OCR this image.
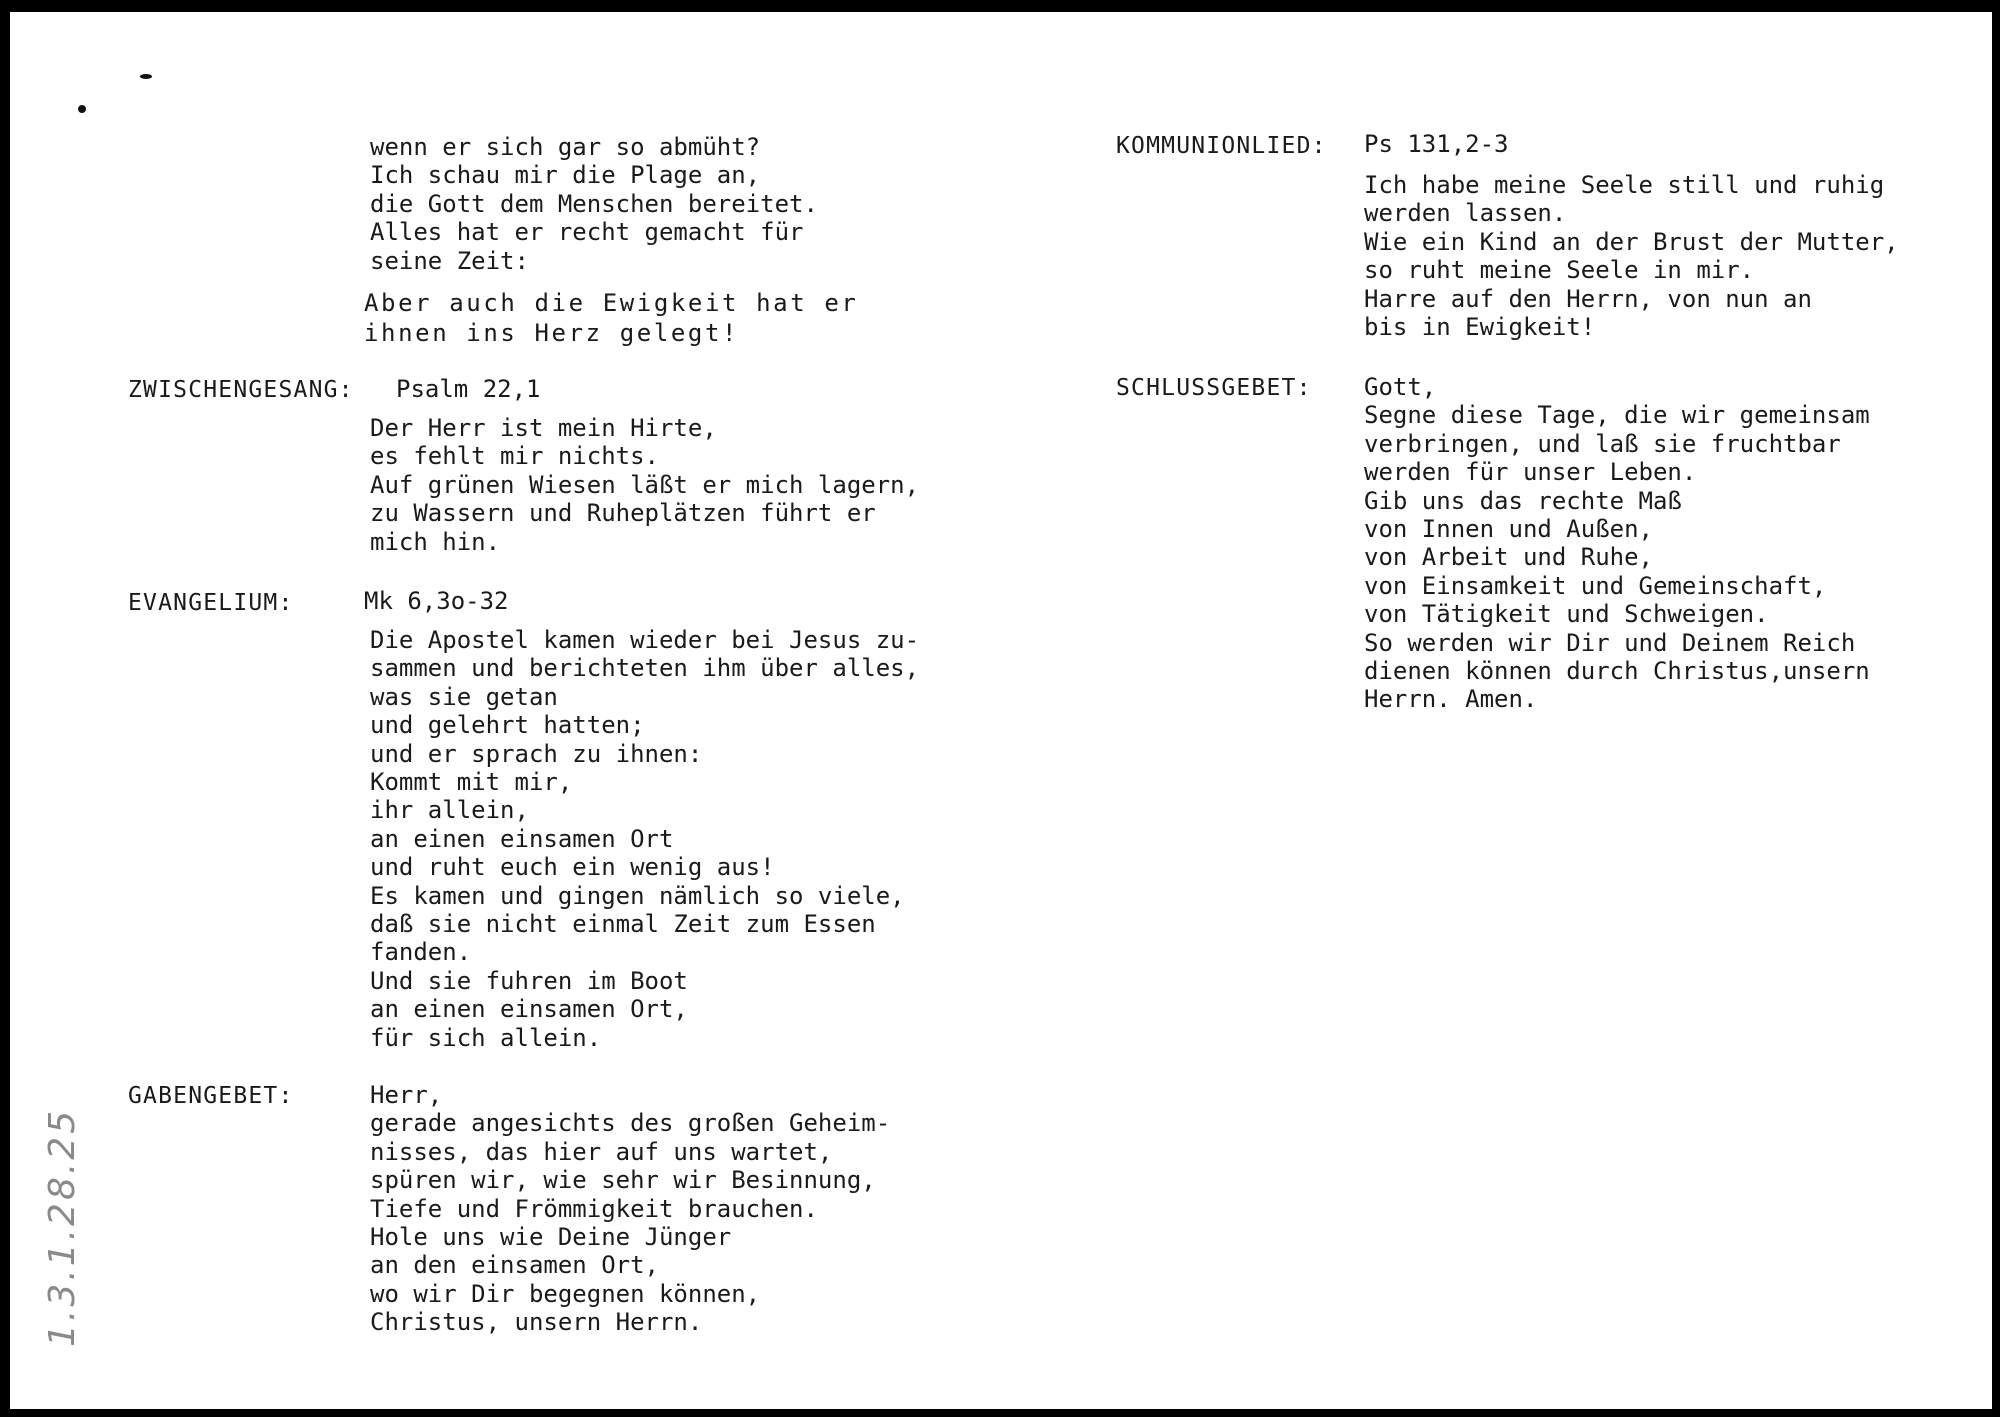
wenn er sich gar so abmüht?
Ich schau mir die Plage an,
die Gott dem Menschen bereitet.
Alles hat er recht gemacht für
seine Zeit:
Aber auch die Ewigkeit hat er
ihnen ins Herz gelegt!
ZWISCHENGESANG: Psalm 22,1
Der Herr ist mein Hirte,
es fehlt mir nichts.
Auf grünen Wiesen läßt er mich lagern,
zu Wassern und Ruheplätzen führt er
mich hin.
EVANGELIUM:	Mk 6,3o-32
Die Apostel kamen wieder bei Jesus zu-
sammen und berichteten ihm über alles,
was sie getan
und gelehrt hatten;
und er sprach zu ihnen:
Kommt mit mir,
ihr allein,
an einen einsamen Ort
und ruht euch ein wenig aus!
Es kamen und gingen nämlich so viele,
daß sie nicht einmal Zeit zum Essen
fanden.
Und sie fuhren im Boot
an einen einsamen Ort,
für sich allein.
GABENGEBET:	Herr,
gerade angesichts des großen Geheim-
nisses, das hier auf uns wartet,
spüren wir, wie sehr wir Besinnung,
Tiefe und Frömmigkeit brauchen.
Hole uns wie Deine Jünger
an den einsamen Ort,
wo wir Dir begegnen können,
Christus, unsern Herrn.
KOMMUNIONLIED: Ps 131,2-3
Ich habe meine Seele still und ruhig
werden lassen.
Wie ein Kind an der Brust der Mutter,
so ruht meine Seele in mir.
Harre auf den Herrn, von nun an
bis in Ewigkeit!
SCHLUSSGEBET: Gott,
Segne diese Tage, die wir gemeinsam
verbringen, und laß sie fruchtbar
werden für unser Leben.
Gib uns das rechte Maß
von Innen und Außen,
von Arbeit und Ruhe,
von Einsamkeit und Gemeinschaft,
von Tätigkeit und Schweigen.
So werden wir Dir und Deinem Reich
dienen können durch Christus,unsern
Herrn. Amen.
1.3.1.28.25
